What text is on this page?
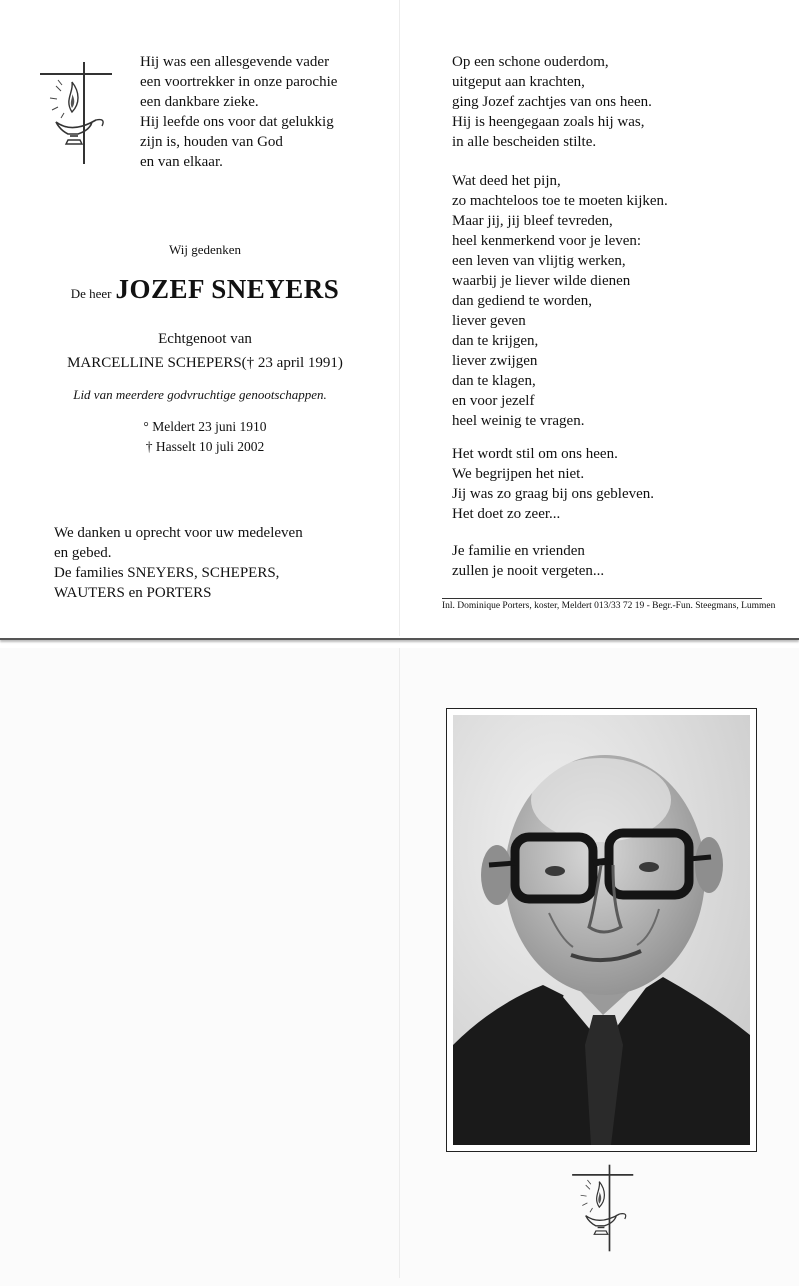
Hij was een allesgevende vader
een voortrekker in onze parochie
een dankbare zieke.
Hij leefde ons voor dat gelukkig
zijn is, houden van God
en van elkaar.
Wij gedenken
De heer JOZEF SNEYERS
Echtgenoot van
MARCELLINE SCHEPERS(† 23 april 1991)
Lid van meerdere godvruchtige genootschappen.
° Meldert 23 juni 1910
† Hasselt 10 juli 2002
We danken u oprecht voor uw medeleven
en gebed.
De families SNEYERS, SCHEPERS,
WAUTERS en PORTERS
Op een schone ouderdom,
uitgeput aan krachten,
ging Jozef zachtjes van ons heen.
Hij is heengegaan zoals hij was,
in alle bescheiden stilte.
Wat deed het pijn,
zo machteloos toe te moeten kijken.
Maar jij, jij bleef tevreden,
heel kenmerkend voor je leven:
een leven van vlijtig werken,
waarbij je liever wilde dienen
dan gediend te worden,
liever geven
dan te krijgen,
liever zwijgen
dan te klagen,
en voor jezelf
heel weinig te vragen.
Het wordt stil om ons heen.
We begrijpen het niet.
Jij was zo graag bij ons gebleven.
Het doet zo zeer...
Je familie en vrienden
zullen je nooit vergeten...
Inl. Dominique Porters, koster, Meldert 013/33 72 19 - Begr.-Fun. Steegmans, Lummen
